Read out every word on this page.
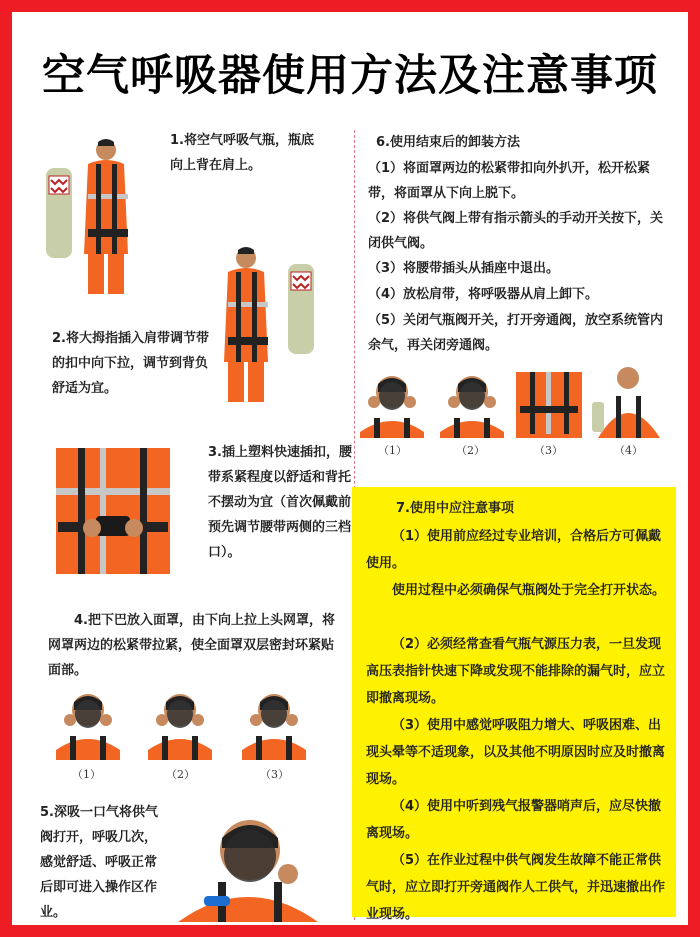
空气呼吸器使用方法及注意事项

1.将空气呼吸气瓶，瓶底向上背在肩上。

2.将大拇指插入肩带调节带的扣中向下拉，调节到背负舒适为宜。

3.插上塑料快速插扣，腰带系紧程度以舒适和背托不摆动为宜（首次佩戴前预先调节腰带两侧的三档口）。

4.把下巴放入面罩，由下向上拉上头网罩，将网罩两边的松紧带拉紧，使全面罩双层密封环紧贴面部。

（1）	（2）	（3）

5.深吸一口气将供气阀打开，呼吸几次，感觉舒适、呼吸正常后即可进入操作区作业。

6.使用结束后的卸装方法

（1）将面罩两边的松紧带扣向外扒开，松开松紧带，将面罩从下向上脱下。

（2）将供气阀上带有指示箭头的手动开关按下，关闭供气阀。

（3）将腰带插头从插座中退出。

（4）放松肩带，将呼吸器从肩上卸下。

（5）关闭气瓶阀开关，打开旁通阀，放空系统管内余气，再关闭旁通阀。

（1）	（2）	（3）	（4）

7.使用中应注意事项

（1）使用前应经过专业培训，合格后方可佩戴使用。

使用过程中必须确保气瓶阀处于完全打开状态。

（2）必须经常查看气瓶气源压力表，一旦发现高压表指针快速下降或发现不能排除的漏气时，应立即撤离现场。

（3）使用中感觉呼吸阻力增大、呼吸困难、出现头晕等不适现象，以及其他不明原因时应及时撤离现场。

（4）使用中听到残气报警器哨声后，应尽快撤离现场。

（5）在作业过程中供气阀发生故障不能正常供气时，应立即打开旁通阀作人工供气，并迅速撤出作业现场。
